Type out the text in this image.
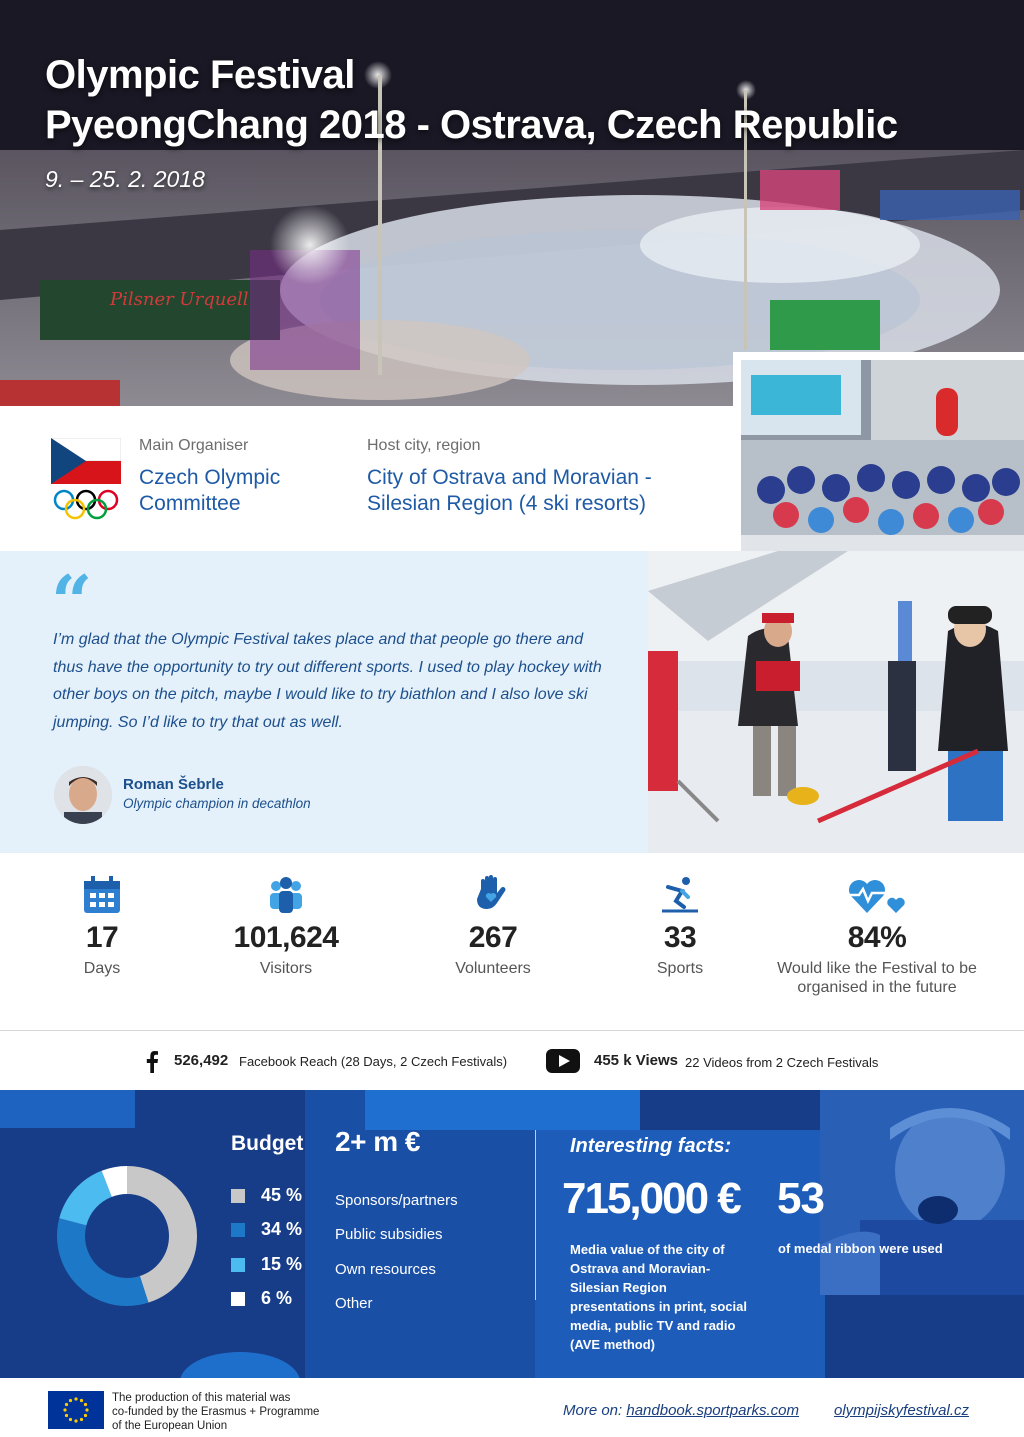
Pilsner Urquell
Olympic Festival
PyeongChang 2018 - Ostrava, Czech Republic
9. – 25. 2. 2018
Main Organiser
Czech Olympic
Committee
Host city, region
City of Ostrava and Moravian -
Silesian Region (4 ski resorts)
“
I’m glad that the Olympic Festival takes place and that people go there and thus have the opportunity to try out different sports. I used to play hockey with other boys on the pitch, maybe I would like to try biathlon and I also love ski jumping. So I’d like to try that out as well.
Roman Šebrle
Olympic champion in decathlon
17
Days
101,624
Visitors
267
Volunteers
33
Sports
84%
Would like the Festival to be organised in the future
526,492 Facebook Reach (28 Days, 2 Czech Festivals)	455 k Views 22 Videos from 2 Czech Festivals
Budget 2+ m €
45 % Sponsors/partners
34 % Public subsidies
15 % Own resources
6 %	Other
Interesting facts:
715,000 €
Media value of the city of Ostrava and Moravian-Silesian Region presentations in print, social media, public TV and radio (AVE method)
53
of medal ribbon were used
The production of this material was
co-funded by the Erasmus + Programme
of the European Union
More on: handbook.sportparks.com olympijskyfestival.cz
